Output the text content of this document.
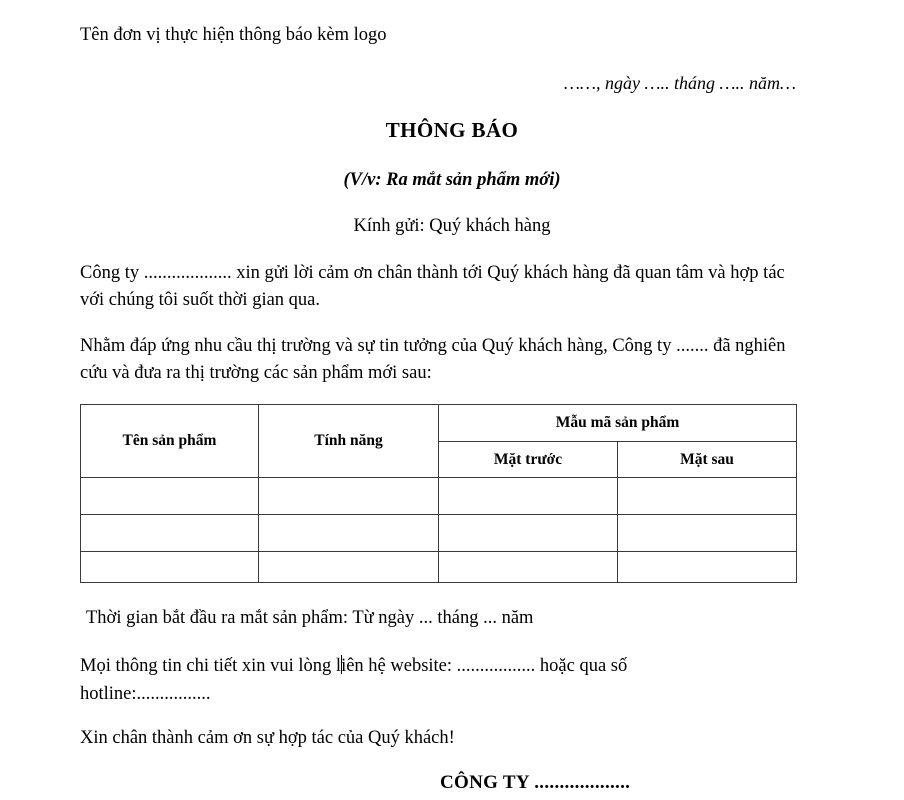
Tên đơn vị thực hiện thông báo kèm logo
……, ngày ….. tháng ….. năm…
THÔNG BÁO
(V/v: Ra mắt sản phẩm mới)
Kính gửi: Quý khách hàng
Công ty ................... xin gửi lời cảm ơn chân thành tới Quý khách hàng đã quan tâm và hợp tác với chúng tôi suốt thời gian qua.
Nhằm đáp ứng nhu cầu thị trường và sự tin tưởng của Quý khách hàng, Công ty ....... đã nghiên cứu và đưa ra thị trường các sản phẩm mới sau:
Tên sản phẩm	Tính năng	Mẫu mã sản phẩm	
		Mặt trước	Mặt sau

Thời gian bắt đầu ra mắt sản phẩm: Từ ngày ... tháng ... năm
Mọi thông tin chi tiết xin vui lòng liên hệ website: ................. hoặc qua số hotline:................
Xin chân thành cảm ơn sự hợp tác của Quý khách!
CÔNG TY ...................
